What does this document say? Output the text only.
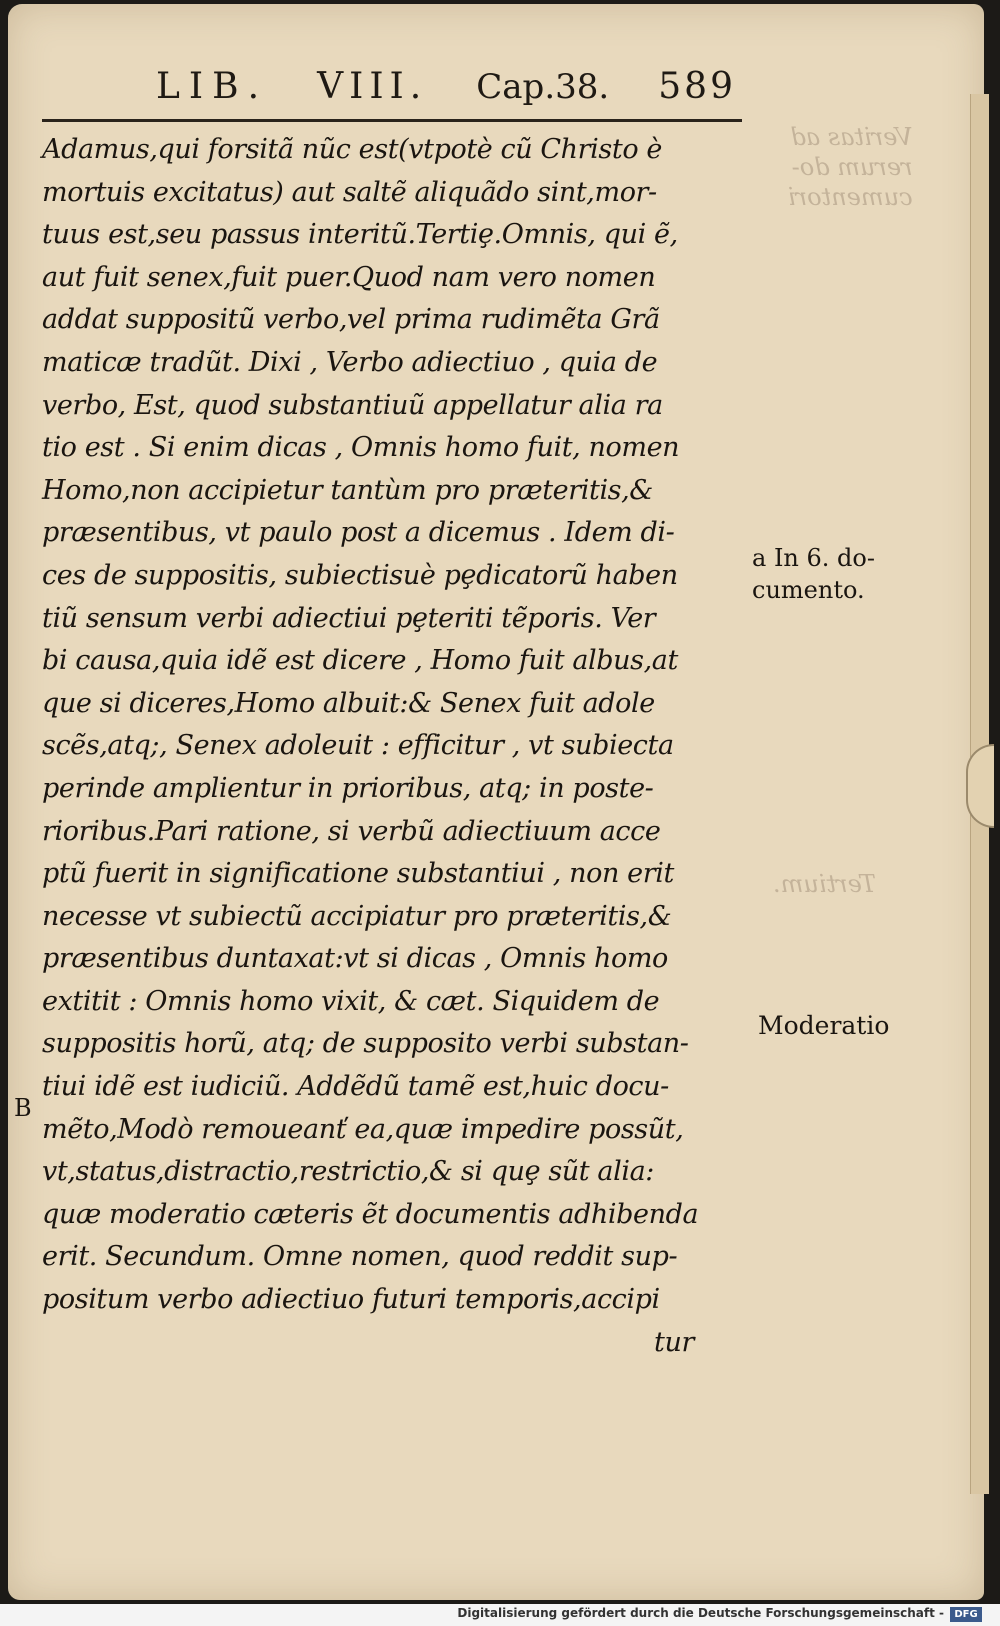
Veritas ad
rerum do-
cumentori
Tertium.
LIB. VIII. Cap.38. 589
Adamus,qui forsitã nũc est(vtpotè cũ Christo è
mortuis excitatus) aut saltẽ aliquãdo sint,mor-
tuus est,seu passus interitũ.Tertiȩ.Omnis, qui ẽ,
aut fuit senex,fuit puer.Quod nam vero nomen
addat suppositũ verbo,vel prima rudimẽta Grã
maticæ tradũt. Dixi , Verbo adiectiuo , quia de
verbo, Est, quod substantiuũ appellatur alia ra
tio est . Si enim dicas , Omnis homo fuit, nomen
Homo,non accipietur tantùm pro præteritis,&
præsentibus, vt paulo post a dicemus . Idem di-
ces de suppositis, subiectisuè pȩdicatorũ haben
tiũ sensum verbi adiectiui pȩteriti tẽporis. Ver
bi causa,quia idẽ est dicere , Homo fuit albus,at
que si diceres,Homo albuit:& Senex fuit adole
scẽs,atq;, Senex adoleuit : efficitur , vt subiecta
perinde amplientur in prioribus, atq; in poste-
rioribus.Pari ratione, si verbũ adiectiuum acce
ptũ fuerit in significatione substantiui , non erit
necesse vt subiectũ accipiatur pro præteritis,&
præsentibus duntaxat:vt si dicas , Omnis homo
extitit : Omnis homo vixit, & cæt. Siquidem de
suppositis horũ, atq; de supposito verbi substan-
tiui idẽ est iudiciũ. Addẽdũ tamẽ est,huic docu-
mẽto,Modò remoueanť ea,quæ impedire possũt,
vt,status,distractio,restrictio,& si quȩ sũt alia:
quæ moderatio cæteris ẽt documentis adhibenda
erit. Secundum. Omne nomen, quod reddit sup-
positum verbo adiectiuo futuri temporis,accipi
tur
a In 6. do-
cumento.
Moderatio
B
Digitalisierung gefördert durch die Deutsche Forschungsgemeinschaft -	DFG
